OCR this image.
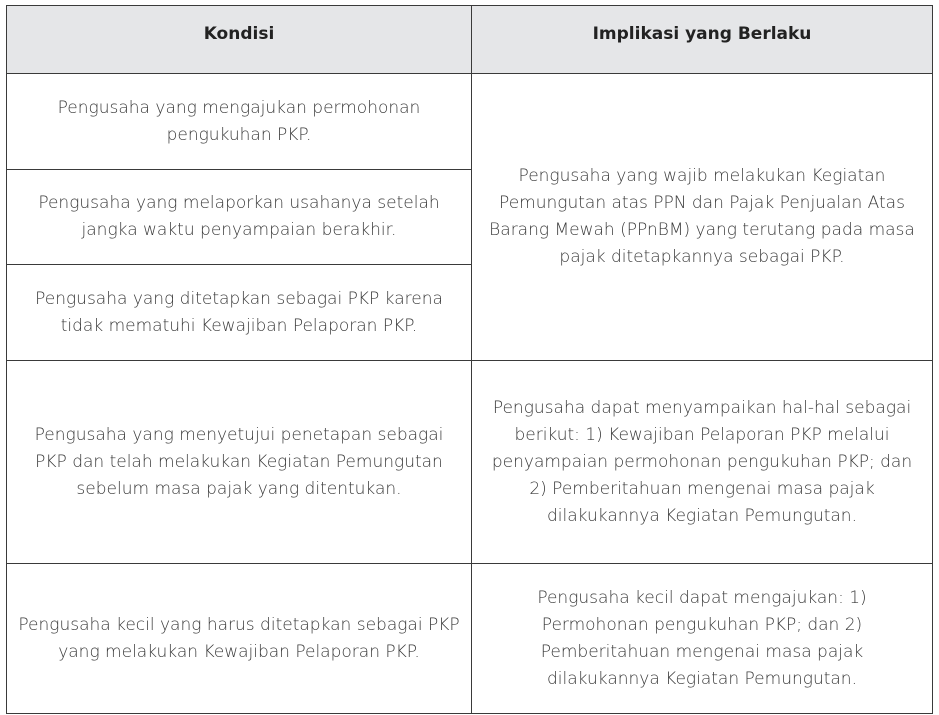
Kondisi	Implikasi yang Berlaku
Pengusaha yang mengajukan permohonan pengukuhan PKP.	Pengusaha yang wajib melakukan Kegiatan Pemungutan atas PPN dan Pajak Penjualan Atas Barang Mewah (PPnBM) yang terutang pada masa pajak ditetapkannya sebagai PKP.
Pengusaha yang melaporkan usahanya setelah jangka waktu penyampaian berakhir.	
Pengusaha yang ditetapkan sebagai PKP karena tidak mematuhi Kewajiban Pelaporan PKP.	
Pengusaha yang menyetujui penetapan sebagai PKP dan telah melakukan Kegiatan Pemungutan sebelum masa pajak yang ditentukan.	Pengusaha dapat menyampaikan hal-hal sebagai berikut: 1) Kewajiban Pelaporan PKP melalui penyampaian permohonan pengukuhan PKP; dan 2) Pemberitahuan mengenai masa pajak dilakukannya Kegiatan Pemungutan.
Pengusaha kecil yang harus ditetapkan sebagai PKP yang melakukan Kewajiban Pelaporan PKP.	Pengusaha kecil dapat mengajukan: 1) Permohonan pengukuhan PKP; dan 2) Pemberitahuan mengenai masa pajak dilakukannya Kegiatan Pemungutan.
